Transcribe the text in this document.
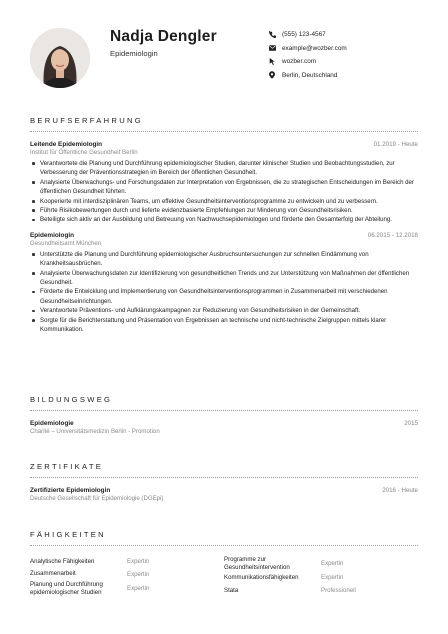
Nadja Dengler
Epidemiologin
(555) 123-4567
example@wozber.com
wozber.com
Berlin, Deutschland
BERUFSERFAHRUNG
Leitende Epidemiologin	01.2019 - Heute
Institut für Öffentliche Gesundheit Berlin
Verantwortete die Planung und Durchführung epidemiologischer Studien, darunter klinischer Studien und Beobachtungsstudien, zur Verbesserung der Präventionsstrategien im Bereich der öffentlichen Gesundheit.
Analysierte Überwachungs- und Forschungsdaten zur Interpretation von Ergebnissen, die zu strategischen Entscheidungen im Bereich der öffentlichen Gesundheit führten.
Kooperierte mit interdisziplinären Teams, um effektive Gesundheitsinterventionsprogramme zu entwickeln und zu verbessern.
Führte Risikobewertungen durch und lieferte evidenzbasierte Empfehlungen zur Minderung von Gesundheitsrisiken.
Beteiligte sich aktiv an der Ausbildung und Betreuung von Nachwuchsepidemiologen und förderte den Gesamterfolg der Abteilung.
Epidemiologin	06.2015 - 12.2018
Gesundheitsamt München
Unterstützte die Planung und Durchführung epidemiologischer Ausbruchsuntersuchungen zur schnellen Eindämmung von Krankheitsausbrüchen.
Analysierte Überwachungsdaten zur Identifizierung von gesundheitlichen Trends und zur Unterstützung von Maßnahmen der öffentlichen Gesundheit.
Förderte die Entwicklung und Implementierung von Gesundheitsinterventionsprogrammen in Zusammenarbeit mit verschiedenen Gesundheitseinrichtungen.
Verantwortete Präventions- und Aufklärungskampagnen zur Reduzierung von Gesundheitsrisiken in der Gemeinschaft.
Sorgte für die Berichterstattung und Präsentation von Ergebnissen an technische und nicht-technische Zielgruppen mittels klarer Kommunikation.
BILDUNGSWEG
Epidemiologie	2015
Charité – Universitätsmedizin Berlin - Promotion
ZERTIFIKATE
Zertifizierte Epidemiologin	2016 - Heute
Deutsche Gesellschaft für Epidemiologie (DGEpi)
FÄHIGKEITEN
Analytische Fähigkeiten	Expertin
Zusammenarbeit	Expertin
Planung und Durchführung epidemiologischer Studien	Expertin
Programme zur Gesundheitsintervention	Expertin
Kommunikationsfähigkeiten	Expertin
Stata	Professionell
